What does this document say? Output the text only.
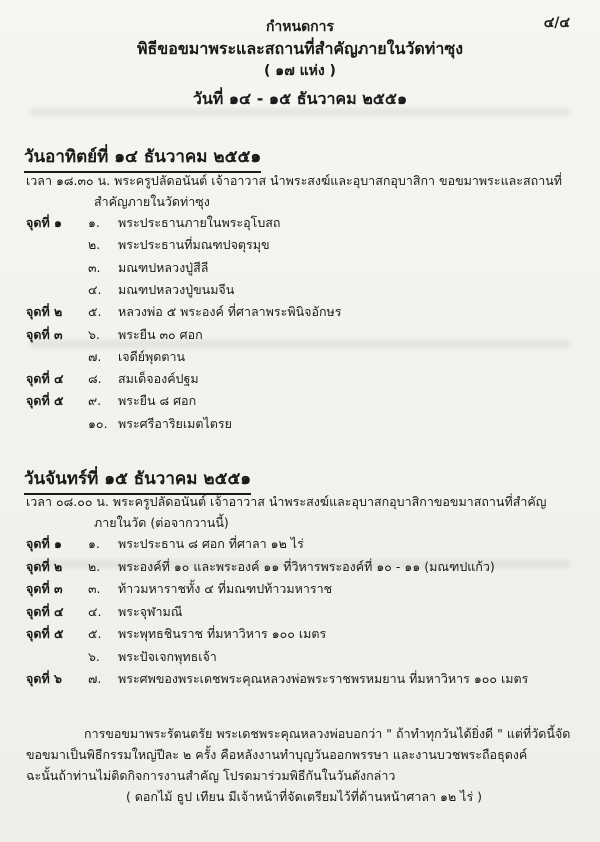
๔/๔
กำหนดการ
พิธีขอขมาพระและสถานที่สำคัญภายในวัดท่าซุง
( ๑๗ แห่ง )
วันที่ ๑๔ - ๑๕ ธันวาคม ๒๕๕๑
วันอาทิตย์ที่ ๑๔ ธันวาคม ๒๕๕๑
เวลา ๑๘.๓๐ น. พระครูปลัดอนันต์ เจ้าอาวาส นำพระสงฆ์และอุบาสกอุบาสิกา ขอขมาพระและสถานที่
สำคัญภายในวัดท่าซุง
จุดที่ ๑ ๑. พระประธานภายในพระอุโบสถ
๒. พระประธานที่มณฑปจตุรมุข
๓. มณฑปหลวงปู่สีลี
๔. มณฑปหลวงปู่ขนมจีน
จุดที่ ๒ ๕. หลวงพ่อ ๕ พระองค์ ที่ศาลาพระพินิจอักษร
จุดที่ ๓ ๖. พระยืน ๓๐ ศอก
๗. เจดีย์พุดตาน
จุดที่ ๔ ๘. สมเด็จองค์ปฐม
จุดที่ ๕ ๙. พระยืน ๘ ศอก
๑๐. พระศรีอาริยเมตไตรย
วันจันทร์ที่ ๑๕ ธันวาคม ๒๕๕๑
เวลา ๐๘.๐๐ น. พระครูปลัดอนันต์ เจ้าอาวาส นำพระสงฆ์และอุบาสกอุบาสิกาขอขมาสถานที่สำคัญ
ภายในวัด (ต่อจากวานนี้)
จุดที่ ๑ ๑. พระประธาน ๘ ศอก ที่ศาลา ๑๒ ไร่
จุดที่ ๒ ๒. พระองค์ที่ ๑๐ และพระองค์ ๑๑ ที่วิหารพระองค์ที่ ๑๐ - ๑๑ (มณฑปแก้ว)
จุดที่ ๓ ๓. ท้าวมหาราชทั้ง ๔ ที่มณฑปท้าวมหาราช
จุดที่ ๔ ๔. พระจุฬามณี
จุดที่ ๕ ๕. พระพุทธชินราช ที่มหาวิหาร ๑๐๐ เมตร
๖. พระปัจเจกพุทธเจ้า
จุดที่ ๖ ๗. พระศพของพระเดชพระคุณหลวงพ่อพระราชพรหมยาน ที่มหาวิหาร ๑๐๐ เมตร
การขอขมาพระรัตนตรัย พระเดชพระคุณหลวงพ่อบอกว่า " ถ้าทำทุกวันได้ยิ่งดี " แต่ที่วัดนี้จัด
ขอขมาเป็นพิธีกรรมใหญ่ปีละ ๒ ครั้ง คือหลังงานทำบุญวันออกพรรษา และงานบวชพระถือธุดงค์
ฉะนั้นถ้าท่านไม่ติดกิจการงานสำคัญ โปรดมาร่วมพิธีกันในวันดังกล่าว
( ดอกไม้ ธูป เทียน มีเจ้าหน้าที่จัดเตรียมไว้ที่ด้านหน้าศาลา ๑๒ ไร่ )
